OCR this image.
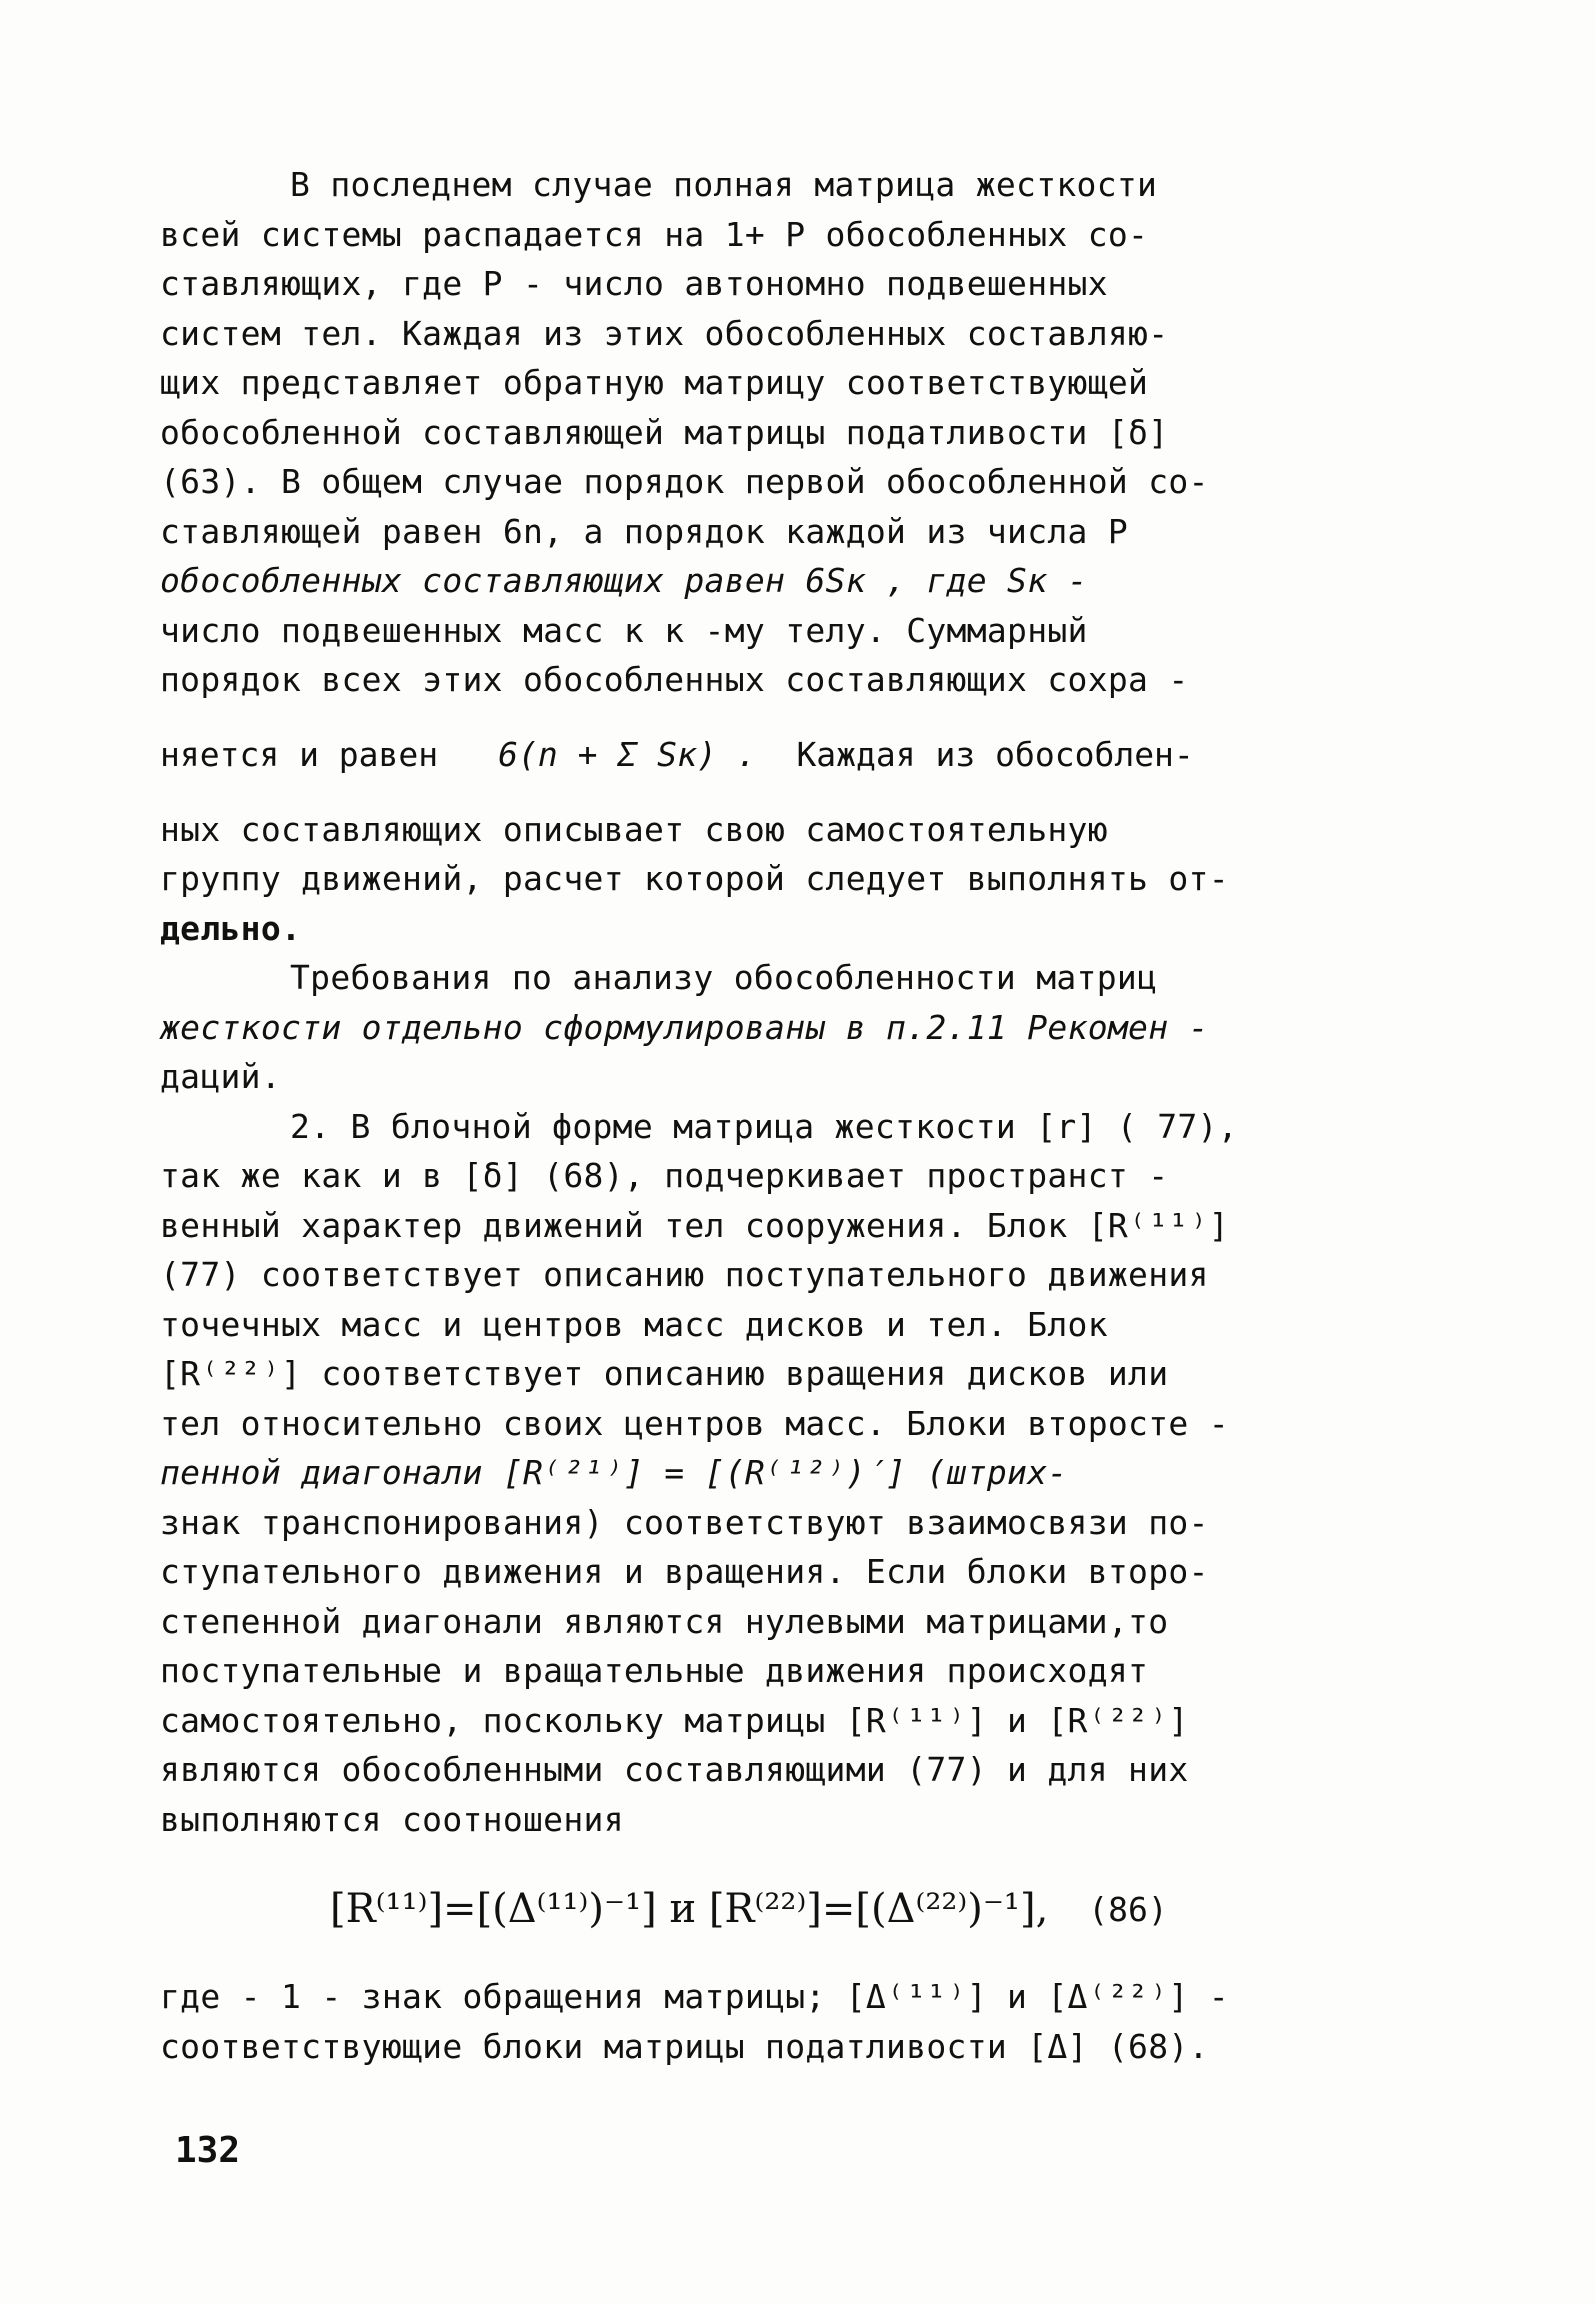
В последнем случае полная матрица жесткости
всей системы распадается на 1+ P обособленных со-
ставляющих, где P - число автономно подвешенных
систем тел. Каждая из этих обособленных составляю-
щих представляет обратную матрицу соответствующей
обособленной составляющей матрицы податливости [δ]
(63). В общем случае порядок первой обособленной со-
ставляющей равен 6n, а порядок каждой из числа P
обособленных составляющих равен 6Sк , где Sк -
число подвешенных масс к к -му телу. Суммарный
порядок всех этих обособленных составляющих сохра -
няется и равен 6(n + Σ Sк) . Каждая из обособлен-
ных составляющих описывает свою самостоятельную
группу движений, расчет которой следует выполнять от-
дельно.
Требования по анализу обособленности матриц
жесткости отдельно сформулированы в п.2.11 Рекомен -
даций.
2. В блочной форме матрица жесткости [r] ( 77),
так же как и в [δ] (68), подчеркивает пространст -
венный характер движений тел сооружения. Блок [R⁽¹¹⁾]
(77) соответствует описанию поступательного движения
точечных масс и центров масс дисков и тел. Блок
[R⁽²²⁾] соответствует описанию вращения дисков или
тел относительно своих центров масс. Блоки второсте -
пенной диагонали [R⁽²¹⁾] = [(R⁽¹²⁾)′] (штрих-
знак транспонирования) соответствуют взаимосвязи по-
ступательного движения и вращения. Если блоки второ-
степенной диагонали являются нулевыми матрицами,то
поступательные и вращательные движения происходят
самостоятельно, поскольку матрицы [R⁽¹¹⁾] и [R⁽²²⁾]
являются обособленными составляющими (77) и для них
выполняются соотношения
[R⁽¹¹⁾]=[(Δ⁽¹¹⁾)⁻¹] и [R⁽²²⁾]=[(Δ⁽²²⁾)⁻¹], (86)
где - 1 - знак обращения матрицы; [Δ⁽¹¹⁾] и [Δ⁽²²⁾] -
соответствующие блоки матрицы податливости [Δ] (68).
132
